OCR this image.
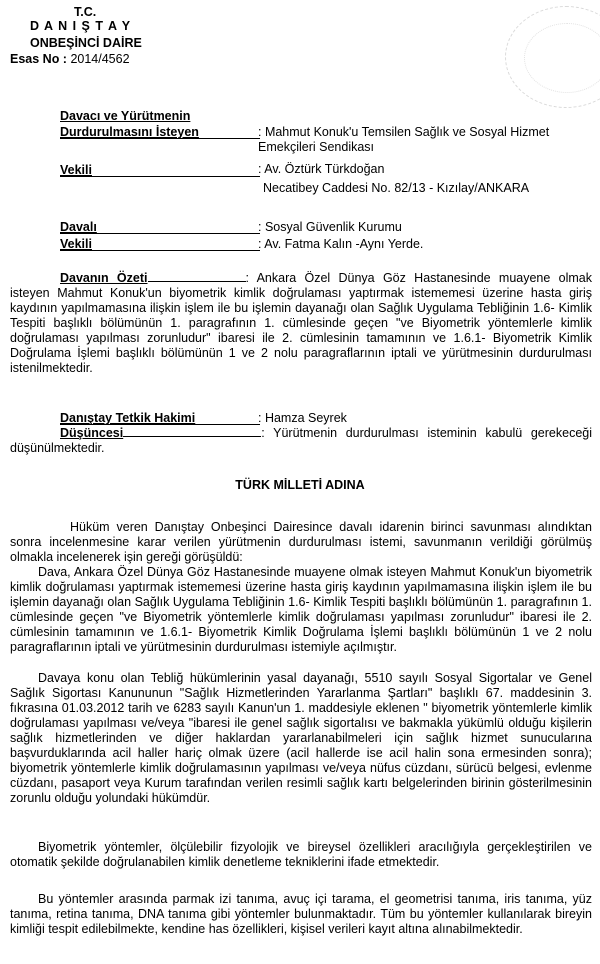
T.C.
D A N I Ş T A Y
ONBEŞİNCİ DAİRE
Esas No : 2014/4562
Davacı ve Yürütmenin
Durdurulmasını İsteyen	: Mahmut Konuk'u Temsilen Sağlık ve Sosyal Hizmet Emekçileri Sendikası
Vekili	: Av. Öztürk Türkdoğan
Necatibey Caddesi No. 82/13 - Kızılay/ANKARA
Davalı	: Sosyal Güvenlik Kurumu
Vekili	: Av. Fatma Kalın -Aynı Yerde.
Davanın Özeti	: Ankara Özel Dünya Göz Hastanesinde muayene olmak isteyen Mahmut Konuk'un biyometrik kimlik doğrulaması yaptırmak istememesi üzerine hasta giriş kaydının yapılmamasına ilişkin işlem ile bu işlemin dayanağı olan Sağlık Uygulama Tebliğinin 1.6- Kimlik Tespiti başlıklı bölümünün 1. paragrafının 1. cümlesinde geçen "ve Biyometrik yöntemlerle kimlik doğrulaması yapılması zorunludur" ibaresi ile 2. cümlesinin tamamının ve 1.6.1- Biyometrik Kimlik Doğrulama İşlemi başlıklı bölümünün 1 ve 2 nolu paragraflarının iptali ve yürütmesinin durdurulması istenilmektedir.
Danıştay Tetkik Hakimi	: Hamza Seyrek
Düşüncesi	: Yürütmenin durdurulması isteminin kabulü gerekeceği düşünülmektedir.
TÜRK MİLLETİ ADINA
Hüküm veren Danıştay Onbeşinci Dairesince davalı idarenin birinci savunması alındıktan sonra incelenmesine karar verilen yürütmenin durdurulması istemi, savunmanın verildiği görülmüş olmakla incelenerek işin gereği görüşüldü:
Dava, Ankara Özel Dünya Göz Hastanesinde muayene olmak isteyen Mahmut Konuk'un biyometrik kimlik doğrulaması yaptırmak istememesi üzerine hasta giriş kaydının yapılmamasına ilişkin işlem ile bu işlemin dayanağı olan Sağlık Uygulama Tebliğinin 1.6- Kimlik Tespiti başlıklı bölümünün 1. paragrafının 1. cümlesinde geçen "ve Biyometrik yöntemlerle kimlik doğrulaması yapılması zorunludur" ibaresi ile 2. cümlesinin tamamının ve 1.6.1- Biyometrik Kimlik Doğrulama İşlemi başlıklı bölümünün 1 ve 2 nolu paragraflarının iptali ve yürütmesinin durdurulması istemiyle açılmıştır.
Davaya konu olan Tebliğ hükümlerinin yasal dayanağı, 5510 sayılı Sosyal Sigortalar ve Genel Sağlık Sigortası Kanununun "Sağlık Hizmetlerinden Yararlanma Şartları" başlıklı 67. maddesinin 3. fıkrasına 01.03.2012 tarih ve 6283 sayılı Kanun'un 1. maddesiyle eklenen " biyometrik yöntemlerle kimlik doğrulaması yapılması ve/veya "ibaresi ile genel sağlık sigortalısı ve bakmakla yükümlü olduğu kişilerin sağlık hizmetlerinden ve diğer haklardan yararlanabilmeleri için sağlık hizmet sunucularına başvurduklarında acil haller hariç olmak üzere (acil hallerde ise acil halin sona ermesinden sonra); biyometrik yöntemlerle kimlik doğrulamasının yapılması ve/veya nüfus cüzdanı, sürücü belgesi, evlenme cüzdanı, pasaport veya Kurum tarafından verilen resimli sağlık kartı belgelerinden birinin gösterilmesinin zorunlu olduğu yolundaki hükümdür.
Biyometrik yöntemler, ölçülebilir fizyolojik ve bireysel özellikleri aracılığıyla gerçekleştirilen ve otomatik şekilde doğrulanabilen kimlik denetleme tekniklerini ifade etmektedir.
Bu yöntemler arasında parmak izi tanıma, avuç içi tarama, el geometrisi tanıma, iris tanıma, yüz tanıma, retina tanıma, DNA tanıma gibi yöntemler bulunmaktadır. Tüm bu yöntemler kullanılarak bireyin kimliği tespit edilebilmekte, kendine has özellikleri, kişisel verileri kayıt altına alınabilmektedir.
